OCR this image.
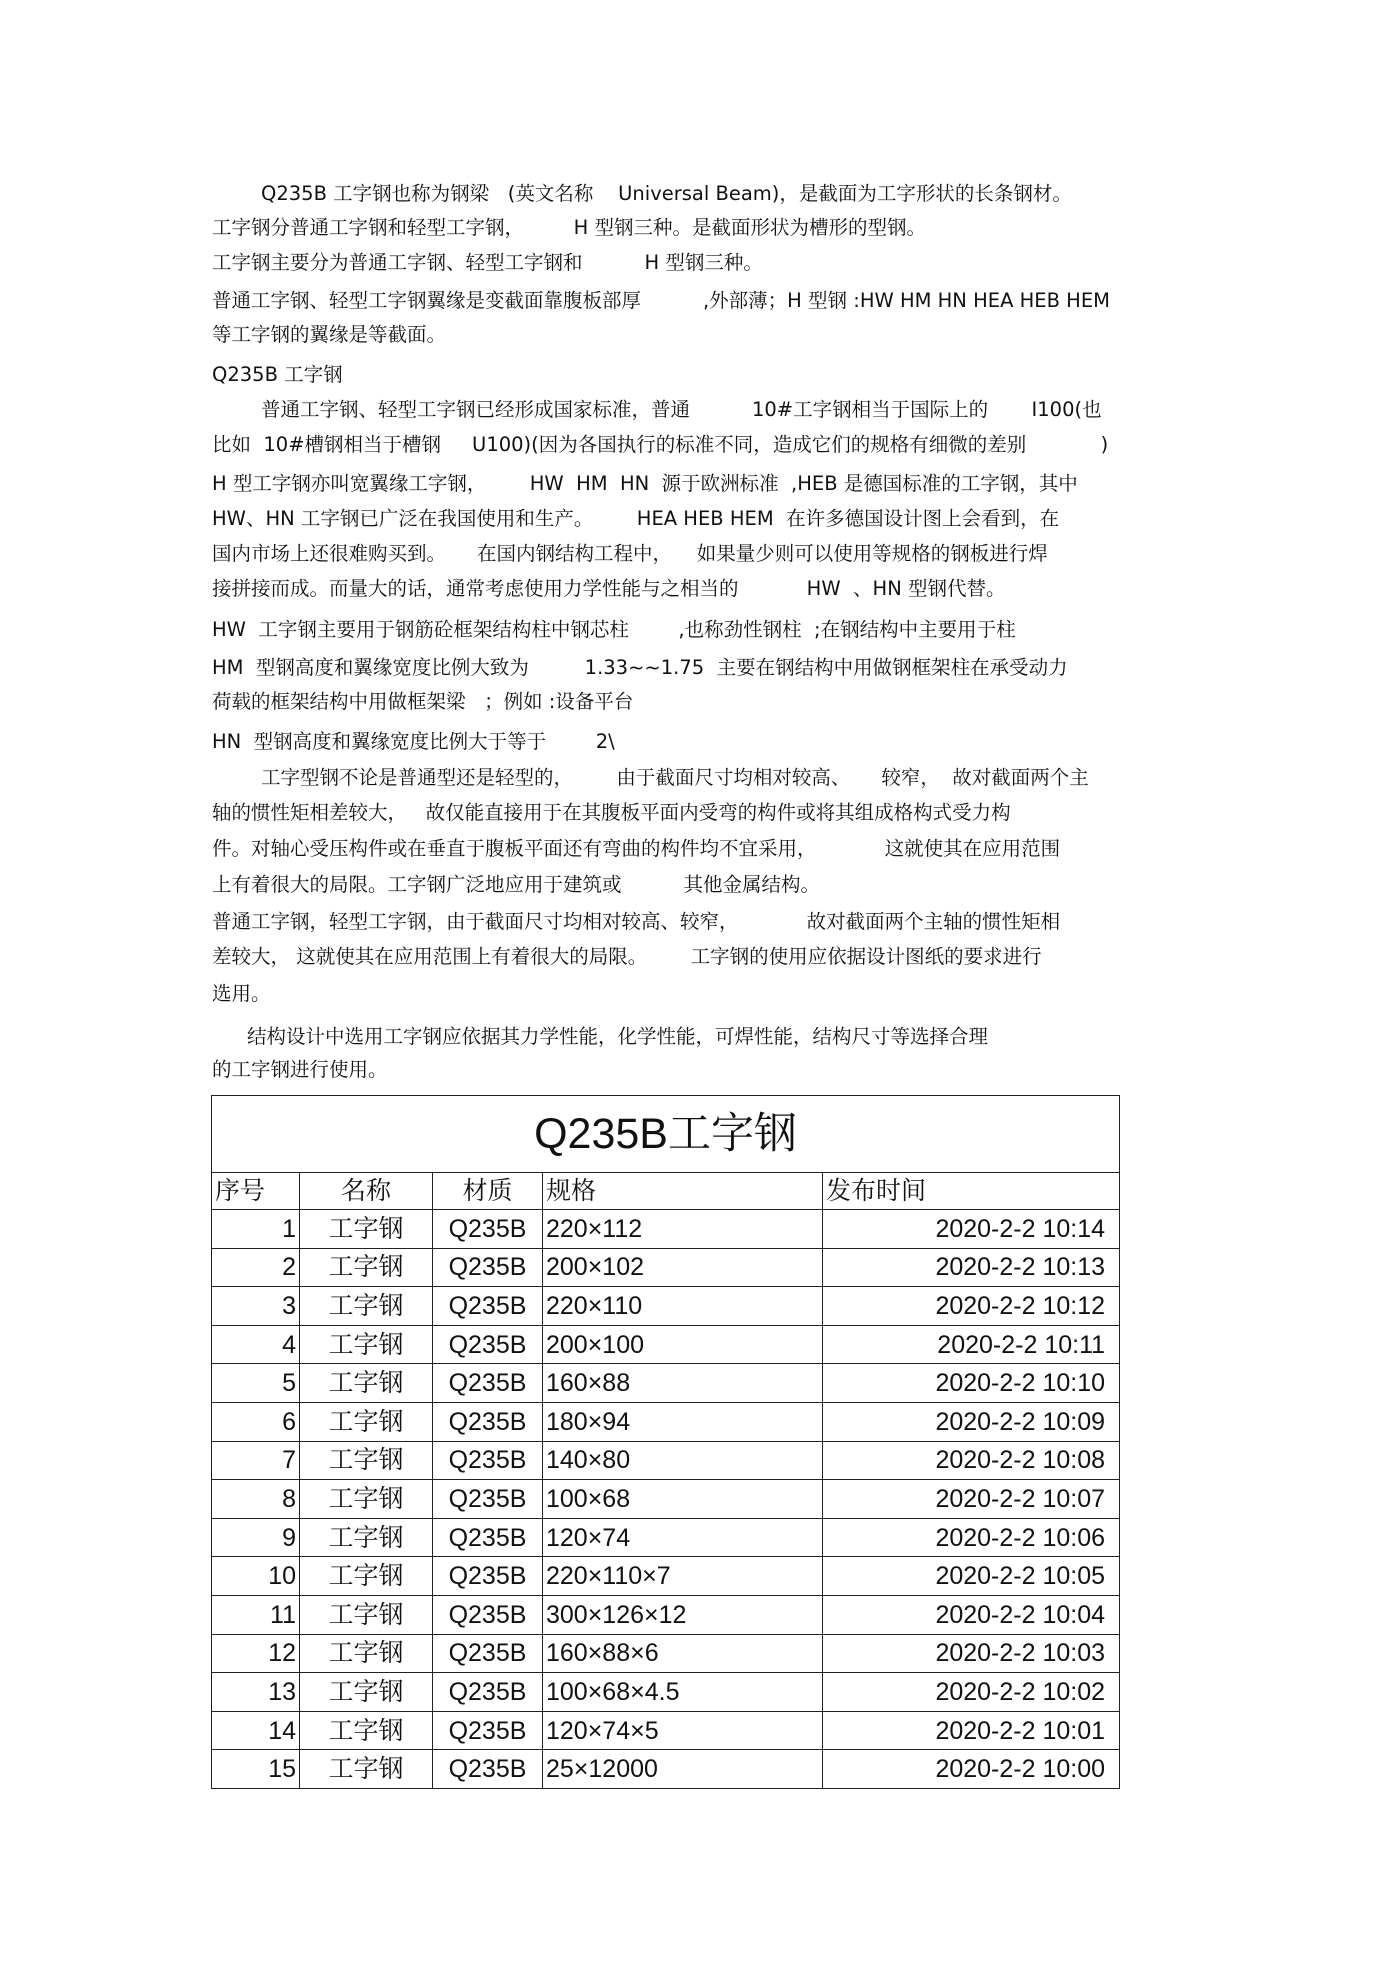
Q235B 工字钢也称为钢梁   (英文名称    Universal Beam)，是截面为工字形状的长条钢材。
工字钢分普通工字钢和轻型工字钢，        H 型钢三种。是截面形状为槽形的型钢。
工字钢主要分为普通工字钢、轻型工字钢和          H 型钢三种。
普通工字钢、轻型工字钢翼缘是变截面靠腹板部厚          ,外部薄；H 型钢 :HW HM HN HEA HEB HEM
等工字钢的翼缘是等截面。
Q235B 工字钢
普通工字钢、轻型工字钢已经形成国家标准，普通          10#工字钢相当于国际上的       I100(也
比如  10#槽钢相当于槽钢     U100)(因为各国执行的标准不同，造成它们的规格有细微的差别            )
H 型工字钢亦叫宽翼缘工字钢，       HW  HM  HN  源于欧洲标准  ,HEB 是德国标准的工字钢，其中
HW、HN 工字钢已广泛在我国使用和生产。       HEA HEB HEM  在许多德国设计图上会看到，在
国内市场上还很难购买到。     在国内钢结构工程中，    如果量少则可以使用等规格的钢板进行焊
接拼接而成。而量大的话，通常考虑使用力学性能与之相当的           HW  、HN 型钢代替。
HW  工字钢主要用于钢筋砼框架结构柱中钢芯柱        ,也称劲性钢柱  ;在钢结构中主要用于柱
HM  型钢高度和翼缘宽度比例大致为         1.33~~1.75  主要在钢结构中用做钢框架柱在承受动力
荷载的框架结构中用做框架梁   ；例如 :设备平台
HN  型钢高度和翼缘宽度比例大于等于        2\
工字型钢不论是普通型还是轻型的，       由于截面尺寸均相对较高、     较窄，  故对截面两个主
轴的惯性矩相差较大，   故仅能直接用于在其腹板平面内受弯的构件或将其组成格构式受力构
件。对轴心受压构件或在垂直于腹板平面还有弯曲的构件均不宜采用，           这就使其在应用范围
上有着很大的局限。工字钢广泛地应用于建筑或          其他金属结构。
普通工字钢，轻型工字钢，由于截面尺寸均相对较高、较窄，           故对截面两个主轴的惯性矩相
差较大， 这就使其在应用范围上有着很大的局限。       工字钢的使用应依据设计图纸的要求进行
选用。
结构设计中选用工字钢应依据其力学性能，化学性能，可焊性能，结构尺寸等选择合理
的工字钢进行使用。
Q235B工字钢				
序号	名称	材质	规格	发布时间
1	工字钢	Q235B	220×112	2020-2-2 10:14
2	工字钢	Q235B	200×102	2020-2-2 10:13
3	工字钢	Q235B	220×110	2020-2-2 10:12
4	工字钢	Q235B	200×100	2020-2-2 10:11
5	工字钢	Q235B	160×88	2020-2-2 10:10
6	工字钢	Q235B	180×94	2020-2-2 10:09
7	工字钢	Q235B	140×80	2020-2-2 10:08
8	工字钢	Q235B	100×68	2020-2-2 10:07
9	工字钢	Q235B	120×74	2020-2-2 10:06
10	工字钢	Q235B	220×110×7	2020-2-2 10:05
11	工字钢	Q235B	300×126×12	2020-2-2 10:04
12	工字钢	Q235B	160×88×6	2020-2-2 10:03
13	工字钢	Q235B	100×68×4.5	2020-2-2 10:02
14	工字钢	Q235B	120×74×5	2020-2-2 10:01
15	工字钢	Q235B	25×12000	2020-2-2 10:00
